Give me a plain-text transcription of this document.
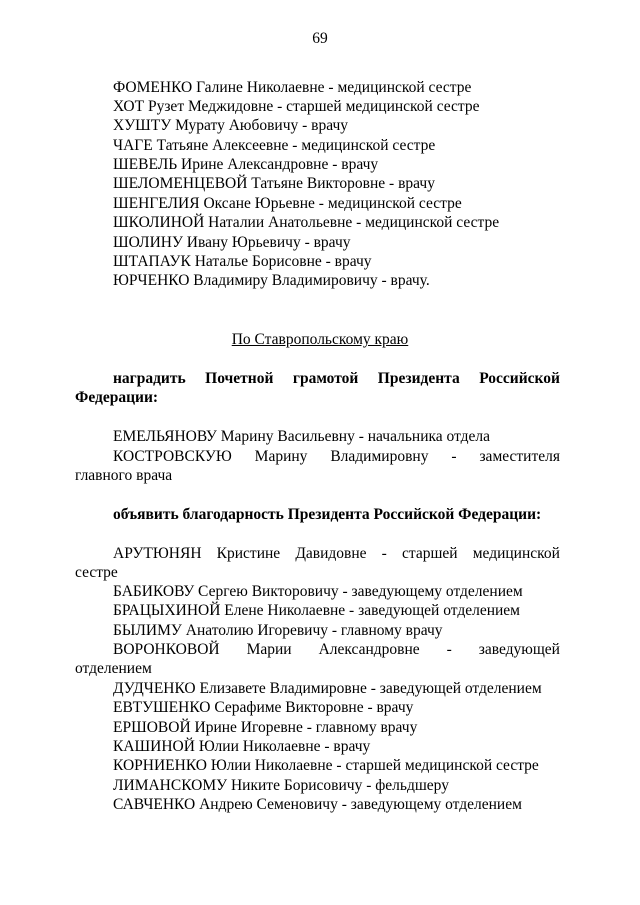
69
ФОМЕНКО Галине Николаевне - медицинской сестре
ХОТ Рузет Меджидовне - старшей медицинской сестре
ХУШТУ Мурату Аюбовичу - врачу
ЧАГЕ Татьяне Алексеевне - медицинской сестре
ШЕВЕЛЬ Ирине Александровне - врачу
ШЕЛОМЕНЦЕВОЙ Татьяне Викторовне - врачу
ШЕНГЕЛИЯ Оксане Юрьевне - медицинской сестре
ШКОЛИНОЙ Наталии Анатольевне - медицинской сестре
ШОЛИНУ Ивану Юрьевичу - врачу
ШТАПАУК Наталье Борисовне - врачу
ЮРЧЕНКО Владимиру Владимировичу - врачу.
По Ставропольскому краю
наградить Почетной грамотой Президента Российской
Федерации:
ЕМЕЛЬЯНОВУ Марину Васильевну - начальника отдела
КОСТРОВСКУЮ Марину Владимировну - заместителя
главного врача
объявить благодарность Президента Российской Федерации:
АРУТЮНЯН Кристине Давидовне - старшей медицинской
сестре
БАБИКОВУ Сергею Викторовичу - заведующему отделением
БРАЦЫХИНОЙ Елене Николаевне - заведующей отделением
БЫЛИМУ Анатолию Игоревичу - главному врачу
ВОРОНКОВОЙ Марии Александровне - заведующей
отделением
ДУДЧЕНКО Елизавете Владимировне - заведующей отделением
ЕВТУШЕНКО Серафиме Викторовне - врачу
ЕРШОВОЙ Ирине Игоревне - главному врачу
КАШИНОЙ Юлии Николаевне - врачу
КОРНИЕНКО Юлии Николаевне - старшей медицинской сестре
ЛИМАНСКОМУ Никите Борисовичу - фельдшеру
САВЧЕНКО Андрею Семеновичу - заведующему отделением
